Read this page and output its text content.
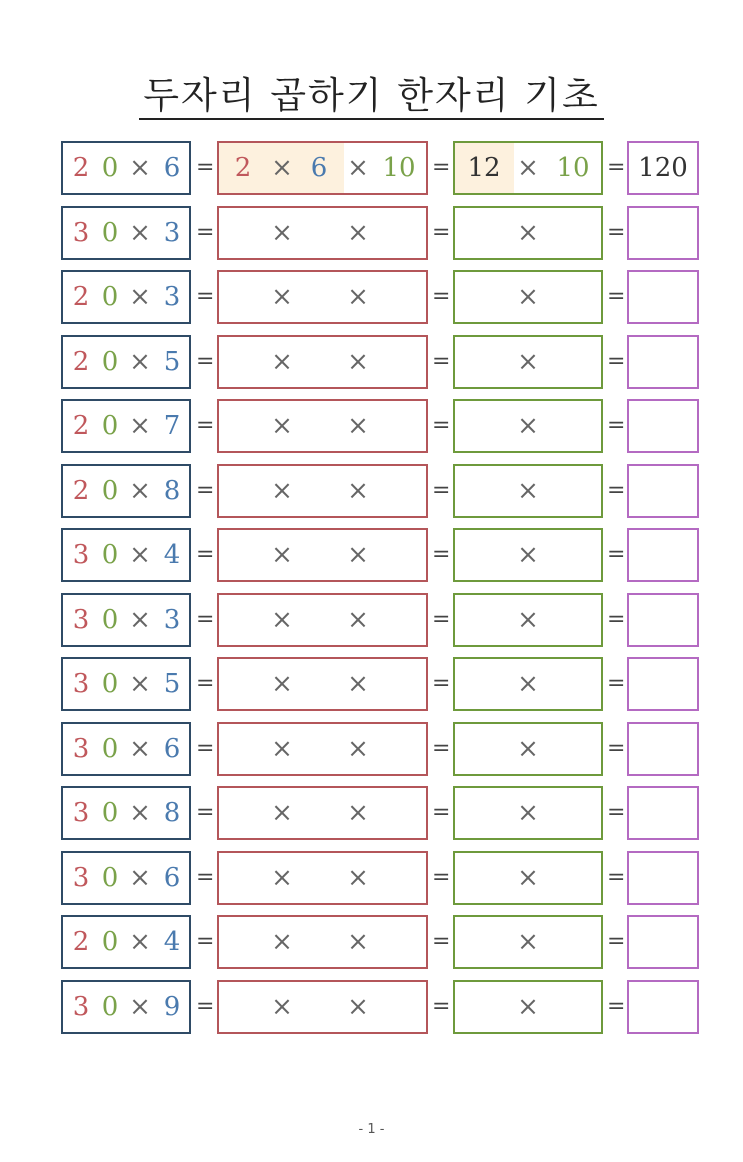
두자리 곱하기 한자리 기초
2 0 × 6 = 2 × 6 × 10 = 12 × 10 = 120
3 0 × 3 = × ×	=	×	=
2 0 × 3 = × ×	=	×	=
2 0 × 5 = × ×	=	×	=
2 0 × 7 = × ×	=	×	=
2 0 × 8 = × ×	=	×	=
3 0 × 4 = × ×	=	×	=
3 0 × 3 = × ×	=	×	=
3 0 × 5 = × ×	=	×	=
3 0 × 6 = × ×	=	×	=
3 0 × 8 = × ×	=	×	=
3 0 × 6 = × ×	=	×	=
2 0 × 4 = × ×	=	×	=
3 0 × 9 = × ×	=	×	=
- 1 -
